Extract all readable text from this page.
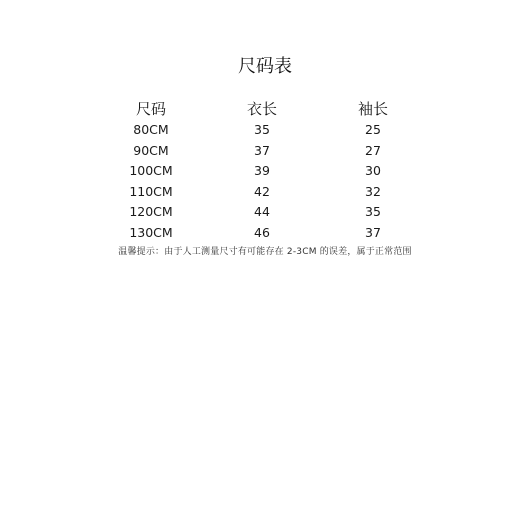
尺码表
尺码	衣长	袖长
80CM	35	25
90CM	37	27
100CM	39	30
110CM	42	32
120CM	44	35
130CM	46	37
温馨提示：由于人工测量尺寸有可能存在 2-3CM 的误差，属于正常范围
